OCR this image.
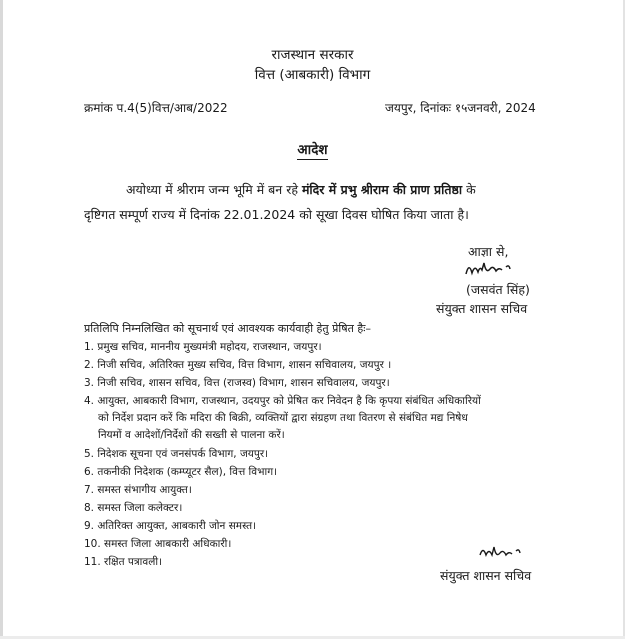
राजस्थान सरकार
वित्त (आबकारी) विभाग
क्रमांक प.4(5)वित्त/आब/2022	जयपुर, दिनांकः १५जनवरी, 2024
आदेश
अयोध्या में श्रीराम जन्म भूमि में बन रहे मंदिर में प्रभु श्रीराम की प्राण प्रतिष्ठा के
दृष्टिगत सम्पूर्ण राज्य में दिनांक 22.01.2024 को सूखा दिवस घोषित किया जाता है।
आज्ञा से,
(जसवंत सिंह)
संयुक्त शासन सचिव
प्रतिलिपि निम्नलिखित को सूचनार्थ एवं आवश्यक कार्यवाही हेतु प्रेषित हैः–
1. प्रमुख सचिव, माननीय मुख्यमंत्री महोदय, राजस्थान, जयपुर।
2. निजी सचिव, अतिरिक्त मुख्य सचिव, वित्त विभाग, शासन सचिवालय, जयपुर ।
3. निजी सचिव, शासन सचिव, वित्त (राजस्व) विभाग, शासन सचिवालय, जयपुर।
4. आयुक्त, आबकारी विभाग, राजस्थान, उदयपुर को प्रेषित कर निवेदन है कि कृपया संबंधित अधिकारियों
को निर्देश प्रदान करें कि मदिरा की बिक्री, व्यक्तियों द्वारा संग्रहण तथा वितरण से संबंधित मद्य निषेध
नियमों व आदेशों/निर्देशों की सख्ती से पालना करें।
5. निदेशक सूचना एवं जनसंपर्क विभाग, जयपुर।
6. तकनीकी निदेशक (कम्प्यूटर सैल), वित्त विभाग।
7. समस्त संभागीय आयुक्त।
8. समस्त जिला कलेक्टर।
9. अतिरिक्त आयुक्त, आबकारी जोन समस्त।
10. समस्त जिला आबकारी अधिकारी।
11. रक्षित पत्रावली।
संयुक्त शासन सचिव
